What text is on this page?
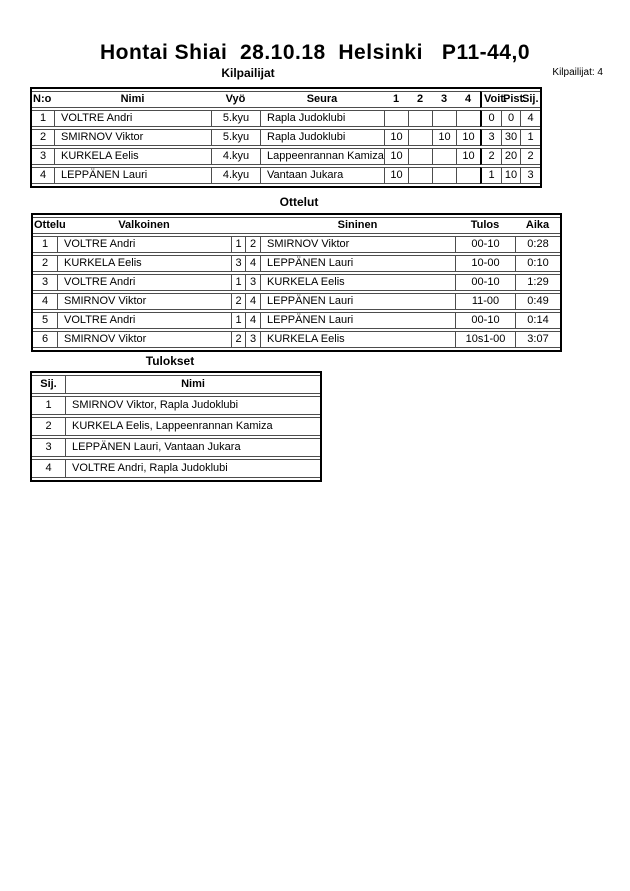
Hontai Shiai  28.10.18  Helsinki   P11-44,0
Kilpailijat	Kilpailijat: 4
N:o	Nimi	Vyö	Seura	1	2	3	4	Voit.	Pist.	Sij.
1	VOLTRE Andri	5.kyu	Rapla Judoklubi					0	0	4
2	SMIRNOV Viktor	5.kyu	Rapla Judoklubi	10		10	10	3	30	1
3	KURKELA Eelis	4.kyu	Lappeenrannan Kamiza	10			10	2	20	2
4	LEPPÄNEN Lauri	4.kyu	Vantaan Jukara	10				1	10	3
Ottelut
Ottelu	Valkoinen			Sininen	Tulos	Aika
1	VOLTRE Andri	1	2	SMIRNOV Viktor	00-10	0:28
2	KURKELA Eelis	3	4	LEPPÄNEN Lauri	10-00	0:10
3	VOLTRE Andri	1	3	KURKELA Eelis	00-10	1:29
4	SMIRNOV Viktor	2	4	LEPPÄNEN Lauri	11-00	0:49
5	VOLTRE Andri	1	4	LEPPÄNEN Lauri	00-10	0:14
6	SMIRNOV Viktor	2	3	KURKELA Eelis	10s1-00	3:07
Tulokset
Sij.	Nimi
1	SMIRNOV Viktor, Rapla Judoklubi
2	KURKELA Eelis, Lappeenrannan Kamiza
3	LEPPÄNEN Lauri, Vantaan Jukara
4	VOLTRE Andri, Rapla Judoklubi
